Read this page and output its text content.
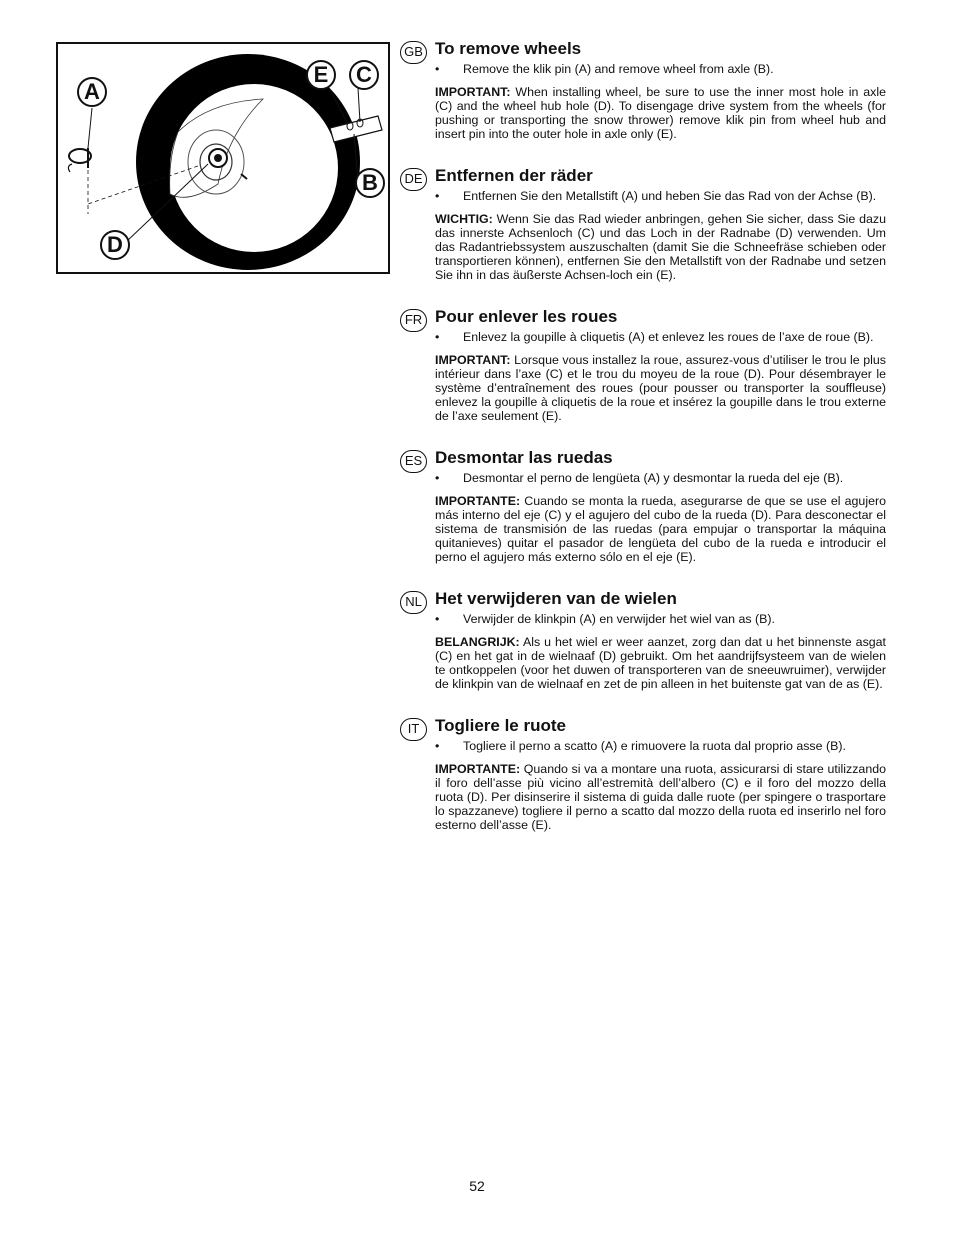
A
E	C
B
D
GB To remove wheels
• Remove the klik pin (A) and remove wheel from axle (B).

IMPORTANT: When installing wheel, be sure to use the inner most hole in axle (C) and the wheel hub hole (D). To disengage drive system from the wheels (for pushing or transporting the snow thrower) remove klik pin from wheel hub and insert pin into the outer hole in axle only (E).

DE Entfernen der räder
• Entfernen Sie den Metallstift (A) und heben Sie das Rad von der Achse (B).

WICHTIG: Wenn Sie das Rad wieder anbringen, gehen Sie sicher, dass Sie dazu das innerste Achsenloch (C) und das Loch in der Radnabe (D) verwenden. Um das Radantriebssystem auszuschalten (damit Sie die Schneefräse schieben oder transportieren können), entfernen Sie den Metallstift von der Radnabe und setzen Sie ihn in das äußerste Achsen-loch ein (E).

FR Pour enlever les roues
• Enlevez la goupille à cliquetis (A) et enlevez les roues de l’axe de roue (B).

IMPORTANT: Lorsque vous installez la roue, assurez-vous d’utiliser le trou le plus intérieur dans l’axe (C) et le trou du moyeu de la roue (D). Pour désembrayer le système d’entraînement des roues (pour pousser ou transporter la souffleuse) enlevez la goupille à cliquetis de la roue et insérez la goupille dans le trou externe de l’axe seulement (E).

ES Desmontar las ruedas
• Desmontar el perno de lengüeta (A) y desmontar la rueda del eje (B).

IMPORTANTE: Cuando se monta la rueda, asegurarse de que se use el agujero más interno del eje (C) y el agujero del cubo de la rueda (D). Para desconectar el sistema de transmisión de las ruedas (para empujar o transportar la máquina quitanieves) quitar el pasador de lengüeta del cubo de la rueda e introducir el perno el agujero más externo sólo en el eje (E).

NL Het verwijderen van de wielen
• Verwijder de klinkpin (A) en verwijder het wiel van as (B).

BELANGRIJK: Als u het wiel er weer aanzet, zorg dan dat u het binnenste asgat (C) en het gat in de wielnaaf (D) gebruikt. Om het aandrijfsysteem van de wielen te ontkoppelen (voor het duwen of transporteren van de sneeuwruimer), verwijder de klinkpin van de wielnaaf en zet de pin alleen in het buitenste gat van de as (E).

IT Togliere le ruote
• Togliere il perno a scatto (A) e rimuovere la ruota dal proprio asse (B).

IMPORTANTE: Quando si va a montare una ruota, assicurarsi di stare utilizzando il foro dell’asse più vicino all’estremità dell’albero (C) e il foro del mozzo della ruota (D). Per disinserire il sistema di guida dalle ruote (per spingere o trasportare lo spazzaneve) togliere il perno a scatto dal mozzo della ruota ed inserirlo nel foro esterno dell’asse (E).

52
